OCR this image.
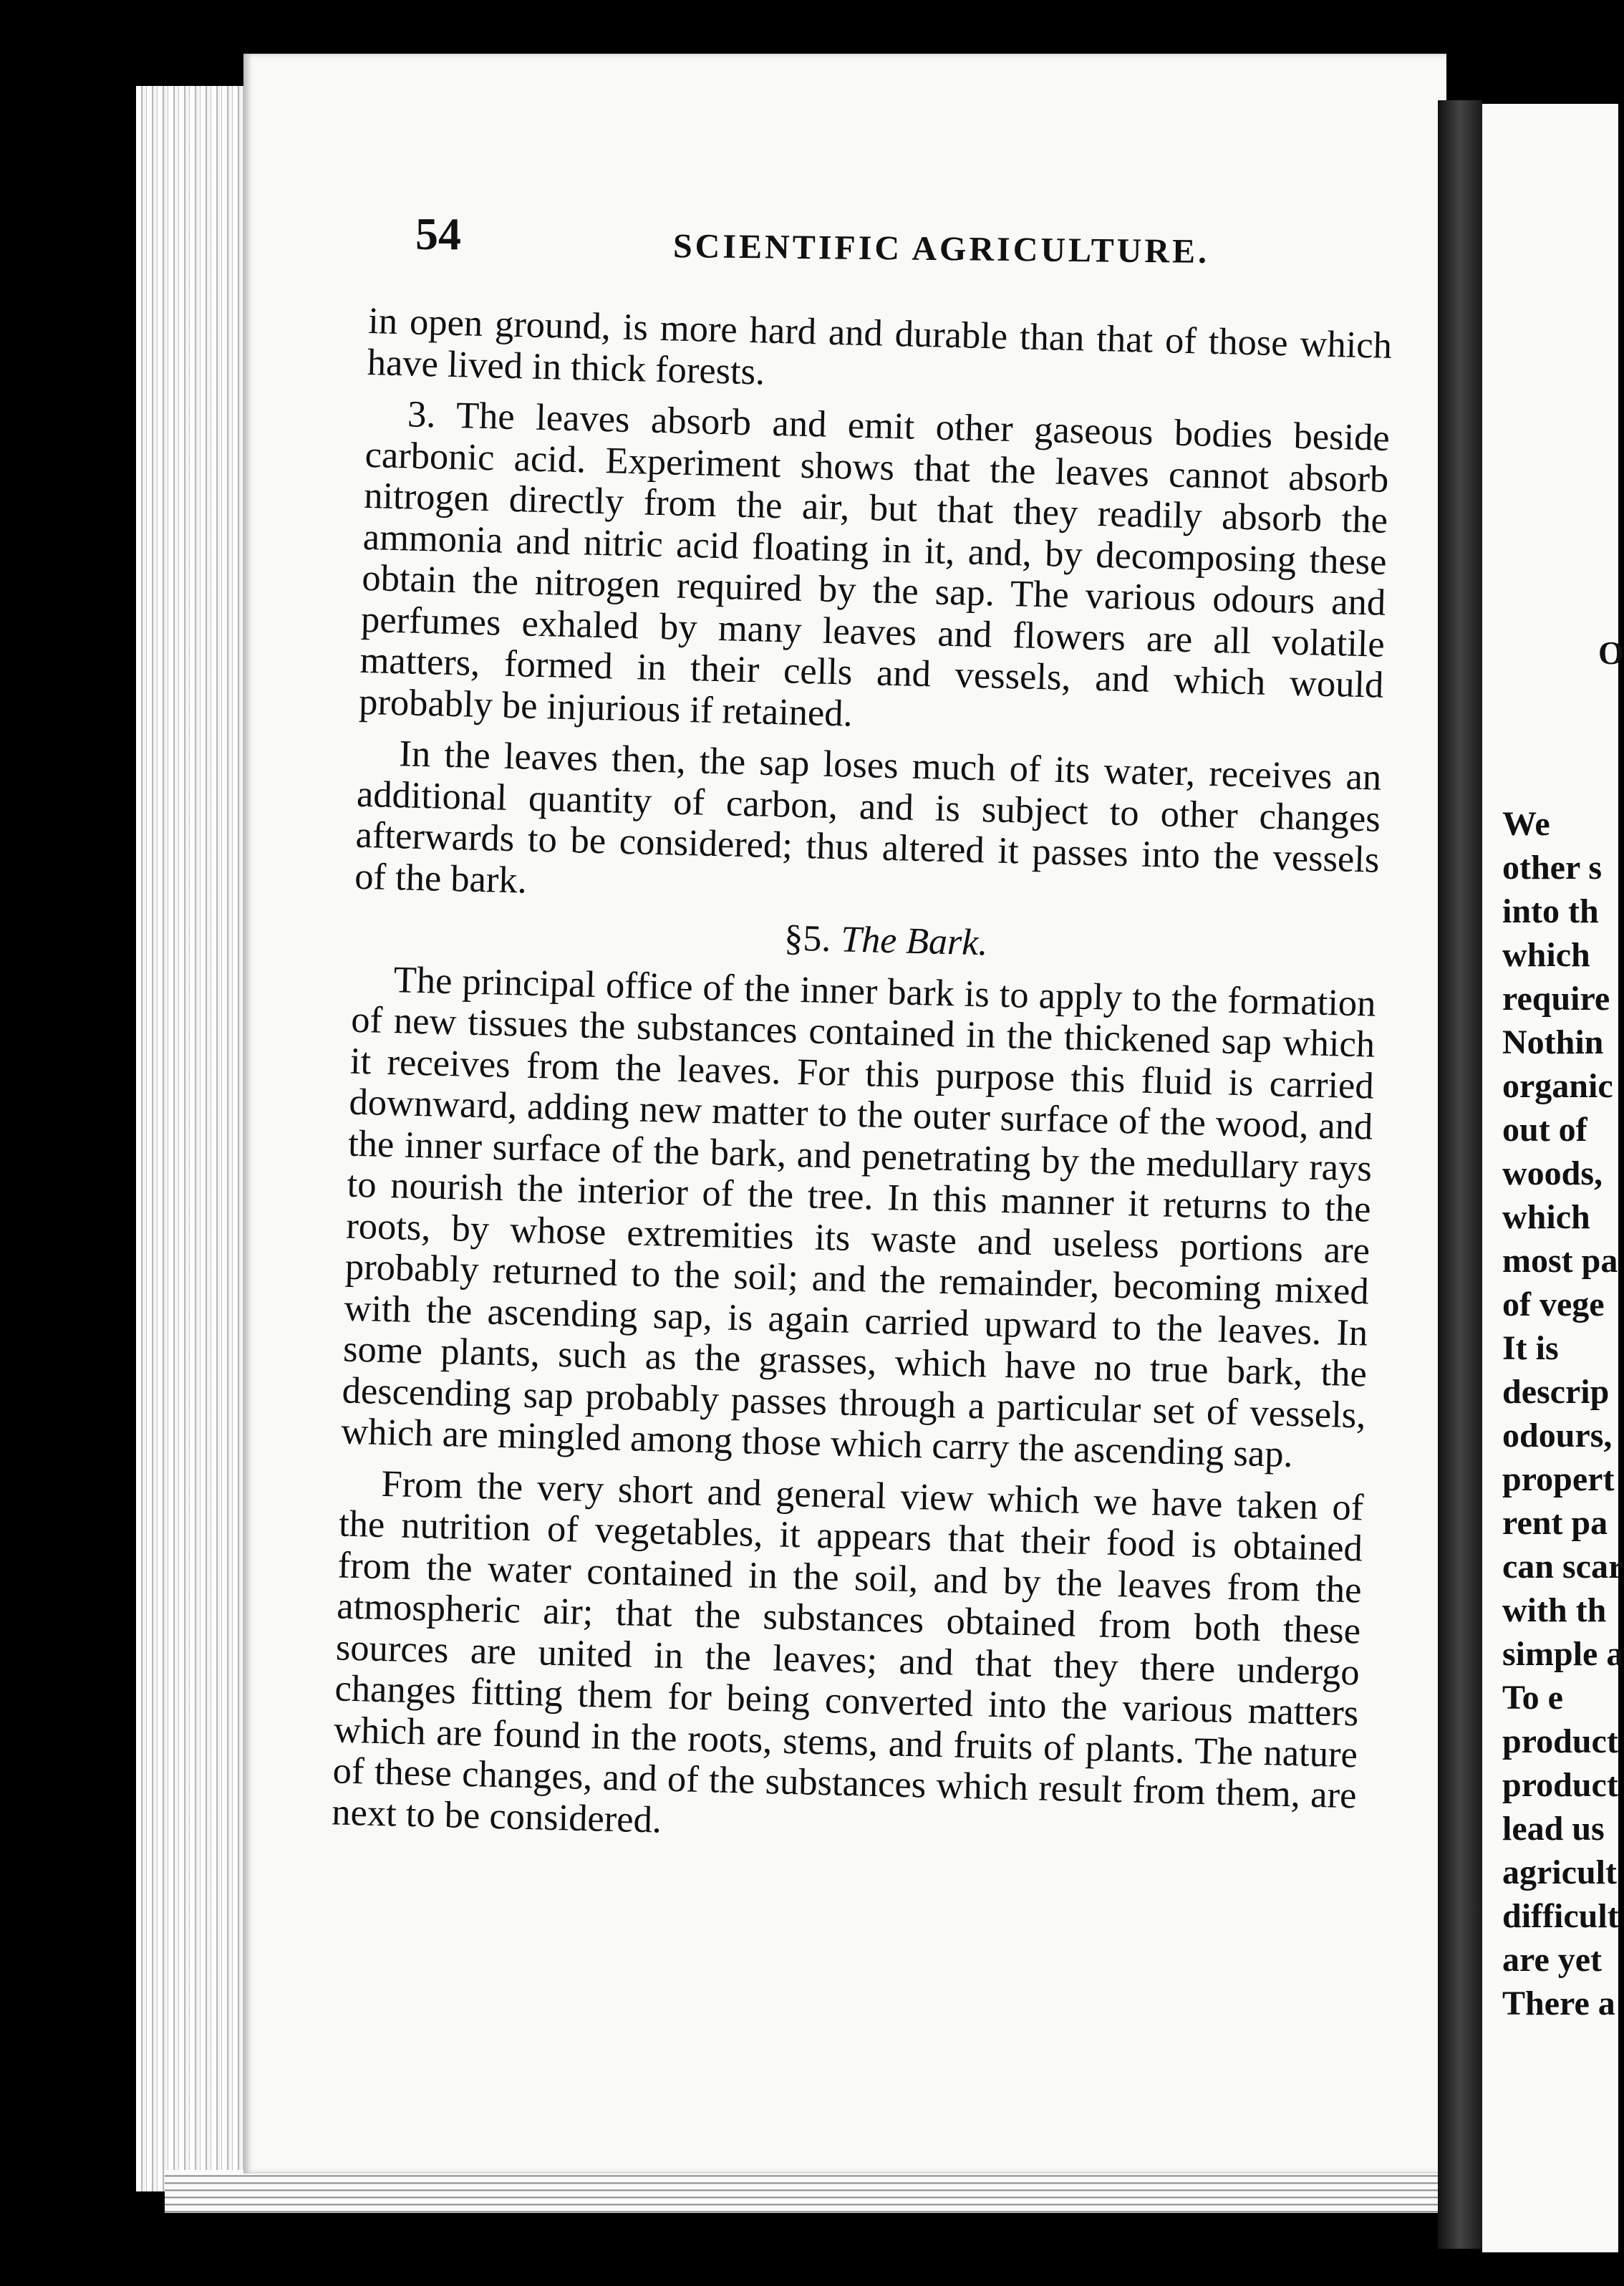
54	SCIENTIFIC AGRICULTURE.

in open ground, is more hard and durable than that of those which have lived in thick forests.

3. The leaves absorb and emit other gaseous bodies beside carbonic acid. Experiment shows that the leaves cannot absorb nitrogen directly from the air, but that they readily absorb the ammonia and nitric acid floating in it, and, by decomposing these obtain the nitrogen required by the sap. The various odours and perfumes exhaled by many leaves and flowers are all volatile matters, formed in their cells and vessels, and which would probably be injurious if retained.

In the leaves then, the sap loses much of its water, receives an additional quantity of carbon, and is subject to other changes afterwards to be considered; thus altered it passes into the vessels of the bark.

§5. The Bark.

The principal office of the inner bark is to apply to the formation of new tissues the substances contained in the thickened sap which it receives from the leaves. For this purpose this fluid is carried downward, adding new matter to the outer surface of the wood, and the inner surface of the bark, and penetrating by the medullary rays to nourish the interior of the tree. In this manner it returns to the roots, by whose extremities its waste and useless portions are probably returned to the soil; and the remainder, becoming mixed with the ascending sap, is again carried upward to the leaves. In some plants, such as the grasses, which have no true bark, the descending sap probably passes through a particular set of vessels, which are mingled among those which carry the ascending sap.

From the very short and general view which we have taken of the nutrition of vegetables, it appears that their food is obtained from the water contained in the soil, and by the leaves from the atmospheric air; that the substances obtained from both these sources are united in the leaves; and that they there undergo changes fitting them for being converted into the various matters which are found in the roots, stems, and fruits of plants. The nature of these changes, and of the substances which result from them, are next to be considered.

O
We
other s
into th
which
require
Nothin
organic
out of
woods,
which
most pa
of vege
It is
descrip
odours,
propert
rent pa
can scar
with th
simple a
To e
product
product
lead us
agricult
difficult
are yet
There a
